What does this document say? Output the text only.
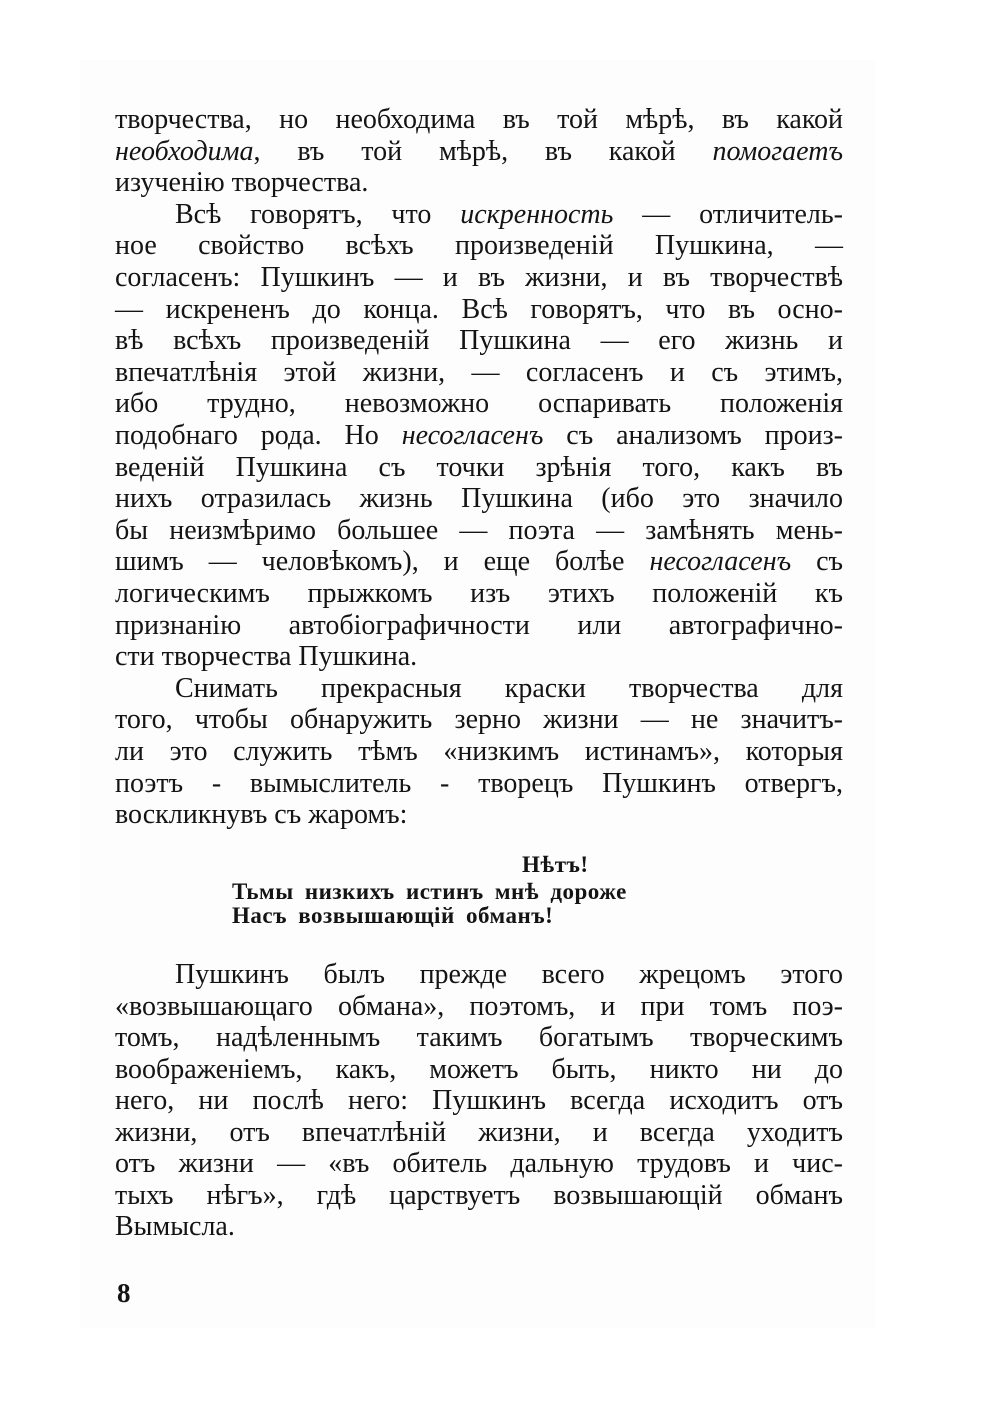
творчества, но необходима въ той мѣрѣ, въ какой
необходима, въ той мѣрѣ, въ какой помогаетъ
изученію творчества.
Всѣ говорятъ, что искренность — отличитель-
ное свойство всѣхъ произведеній Пушкина, —
согласенъ: Пушкинъ — и въ жизни, и въ творчествѣ
— искрененъ до конца. Всѣ говорятъ, что въ осно-
вѣ всѣхъ произведеній Пушкина — его жизнь и
впечатлѣнія этой жизни, — согласенъ и съ этимъ,
ибо трудно, невозможно оспаривать положенія
подобнаго рода. Но несогласенъ съ анализомъ произ-
веденій Пушкина съ точки зрѣнія того, какъ въ
нихъ отразилась жизнь Пушкина (ибо это значило
бы неизмѣримо большее — поэта — замѣнять мень-
шимъ — человѣкомъ), и еще болѣе несогласенъ съ
логическимъ прыжкомъ изъ этихъ положеній къ
признанію автобіографичности или автографично-
сти творчества Пушкина.
Снимать прекрасныя краски творчества для
того, чтобы обнаружить зерно жизни — не значитъ-
ли это служить тѣмъ «низкимъ истинамъ», которыя
поэтъ - вымыслитель - творецъ Пушкинъ отвергъ,
воскликнувъ съ жаромъ:
Нѣтъ!
Тьмы низкихъ истинъ мнѣ дороже
Насъ возвышающій обманъ!
Пушкинъ былъ прежде всего жрецомъ этого
«возвышающаго обмана», поэтомъ, и при томъ поэ-
томъ, надѣленнымъ такимъ богатымъ творческимъ
воображеніемъ, какъ, можетъ быть, никто ни до
него, ни послѣ него: Пушкинъ всегда исходитъ отъ
жизни, отъ впечатлѣній жизни, и всегда уходитъ
отъ жизни — «въ обитель дальную трудовъ и чис-
тыхъ нѣгъ», гдѣ царствуетъ возвышающій обманъ
Вымысла.
8
